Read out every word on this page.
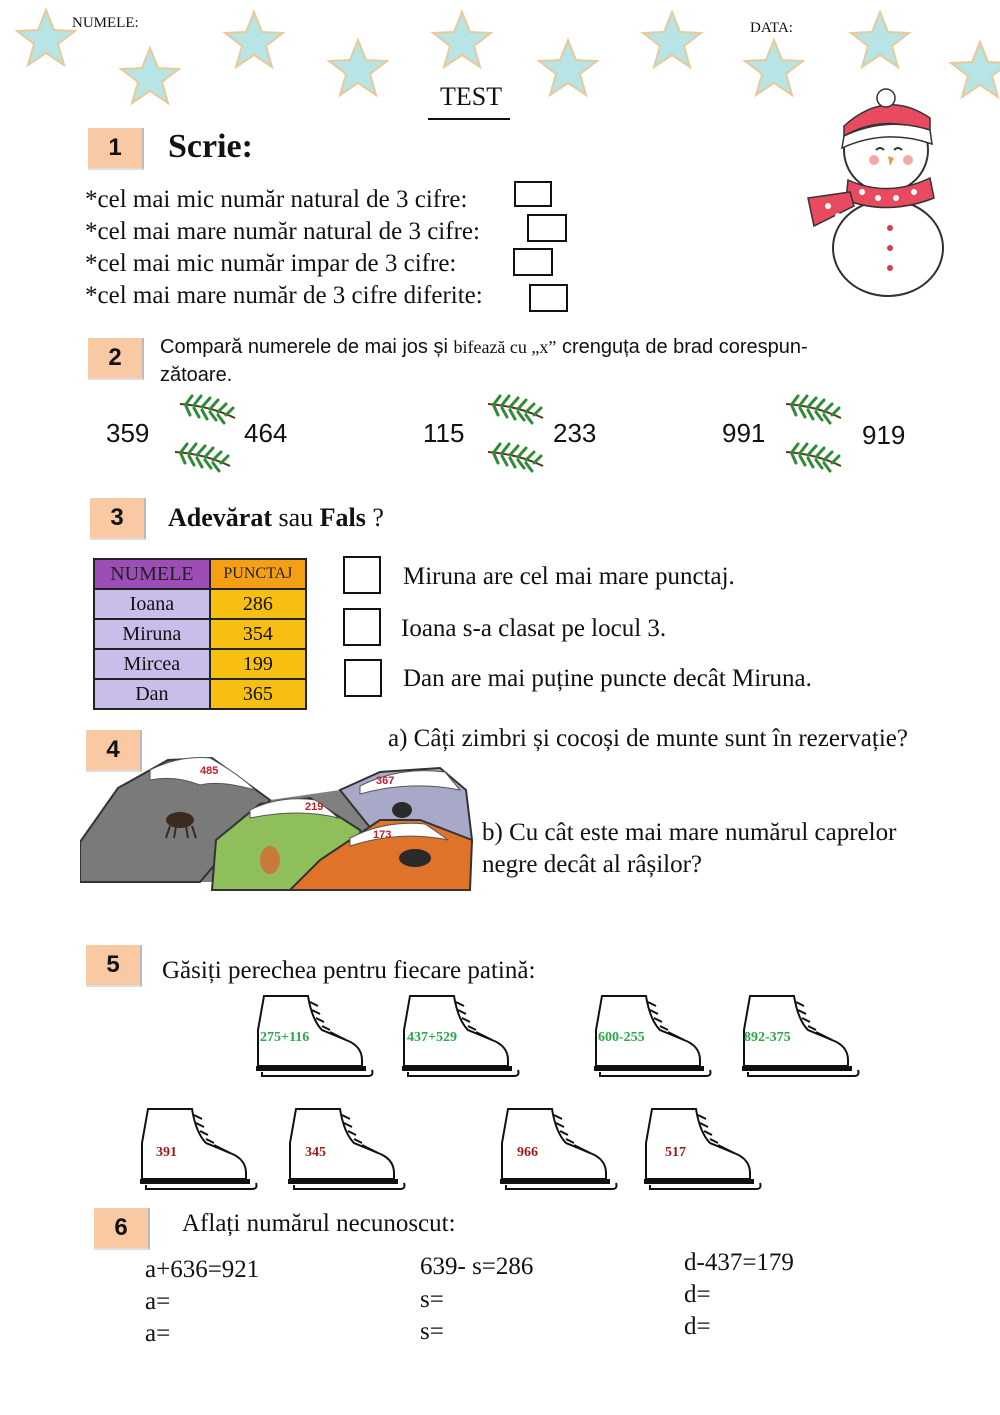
NUMELE:	DATA:
TEST
1	Scrie:
*cel mai mic număr natural de 3 cifre:
*cel mai mare număr natural de 3 cifre:
*cel mai mic număr impar de 3 cifre:
*cel mai mare număr de 3 cifre diferite:
2	Compară numerele de mai jos și bifează cu „x” crenguța de brad corespun-
zătoare.
359	464	115	233	991	919
3	Adevărat sau Fals ?
NUMELE	PUNCTAJ
Ioana	286
Miruna	354
Mircea	199
Dan	365
Miruna are cel mai mare punctaj.
Ioana s-a clasat pe locul 3.
Dan are mai puține puncte decât Miruna.
4	a) Câți zimbri și cocoși de munte sunt în rezervație?
485
219
367
173	b) Cu cât este mai mare numărul caprelor
negre decât al râșilor?
5	Găsiți perechea pentru fiecare patină:
275+116	437+529	600-255	892-375
391	345	966	517
6	Aflați numărul necunoscut:
a+636=921
a=
a=
639- s=286
s=
s=
d-437=179
d=
d=
